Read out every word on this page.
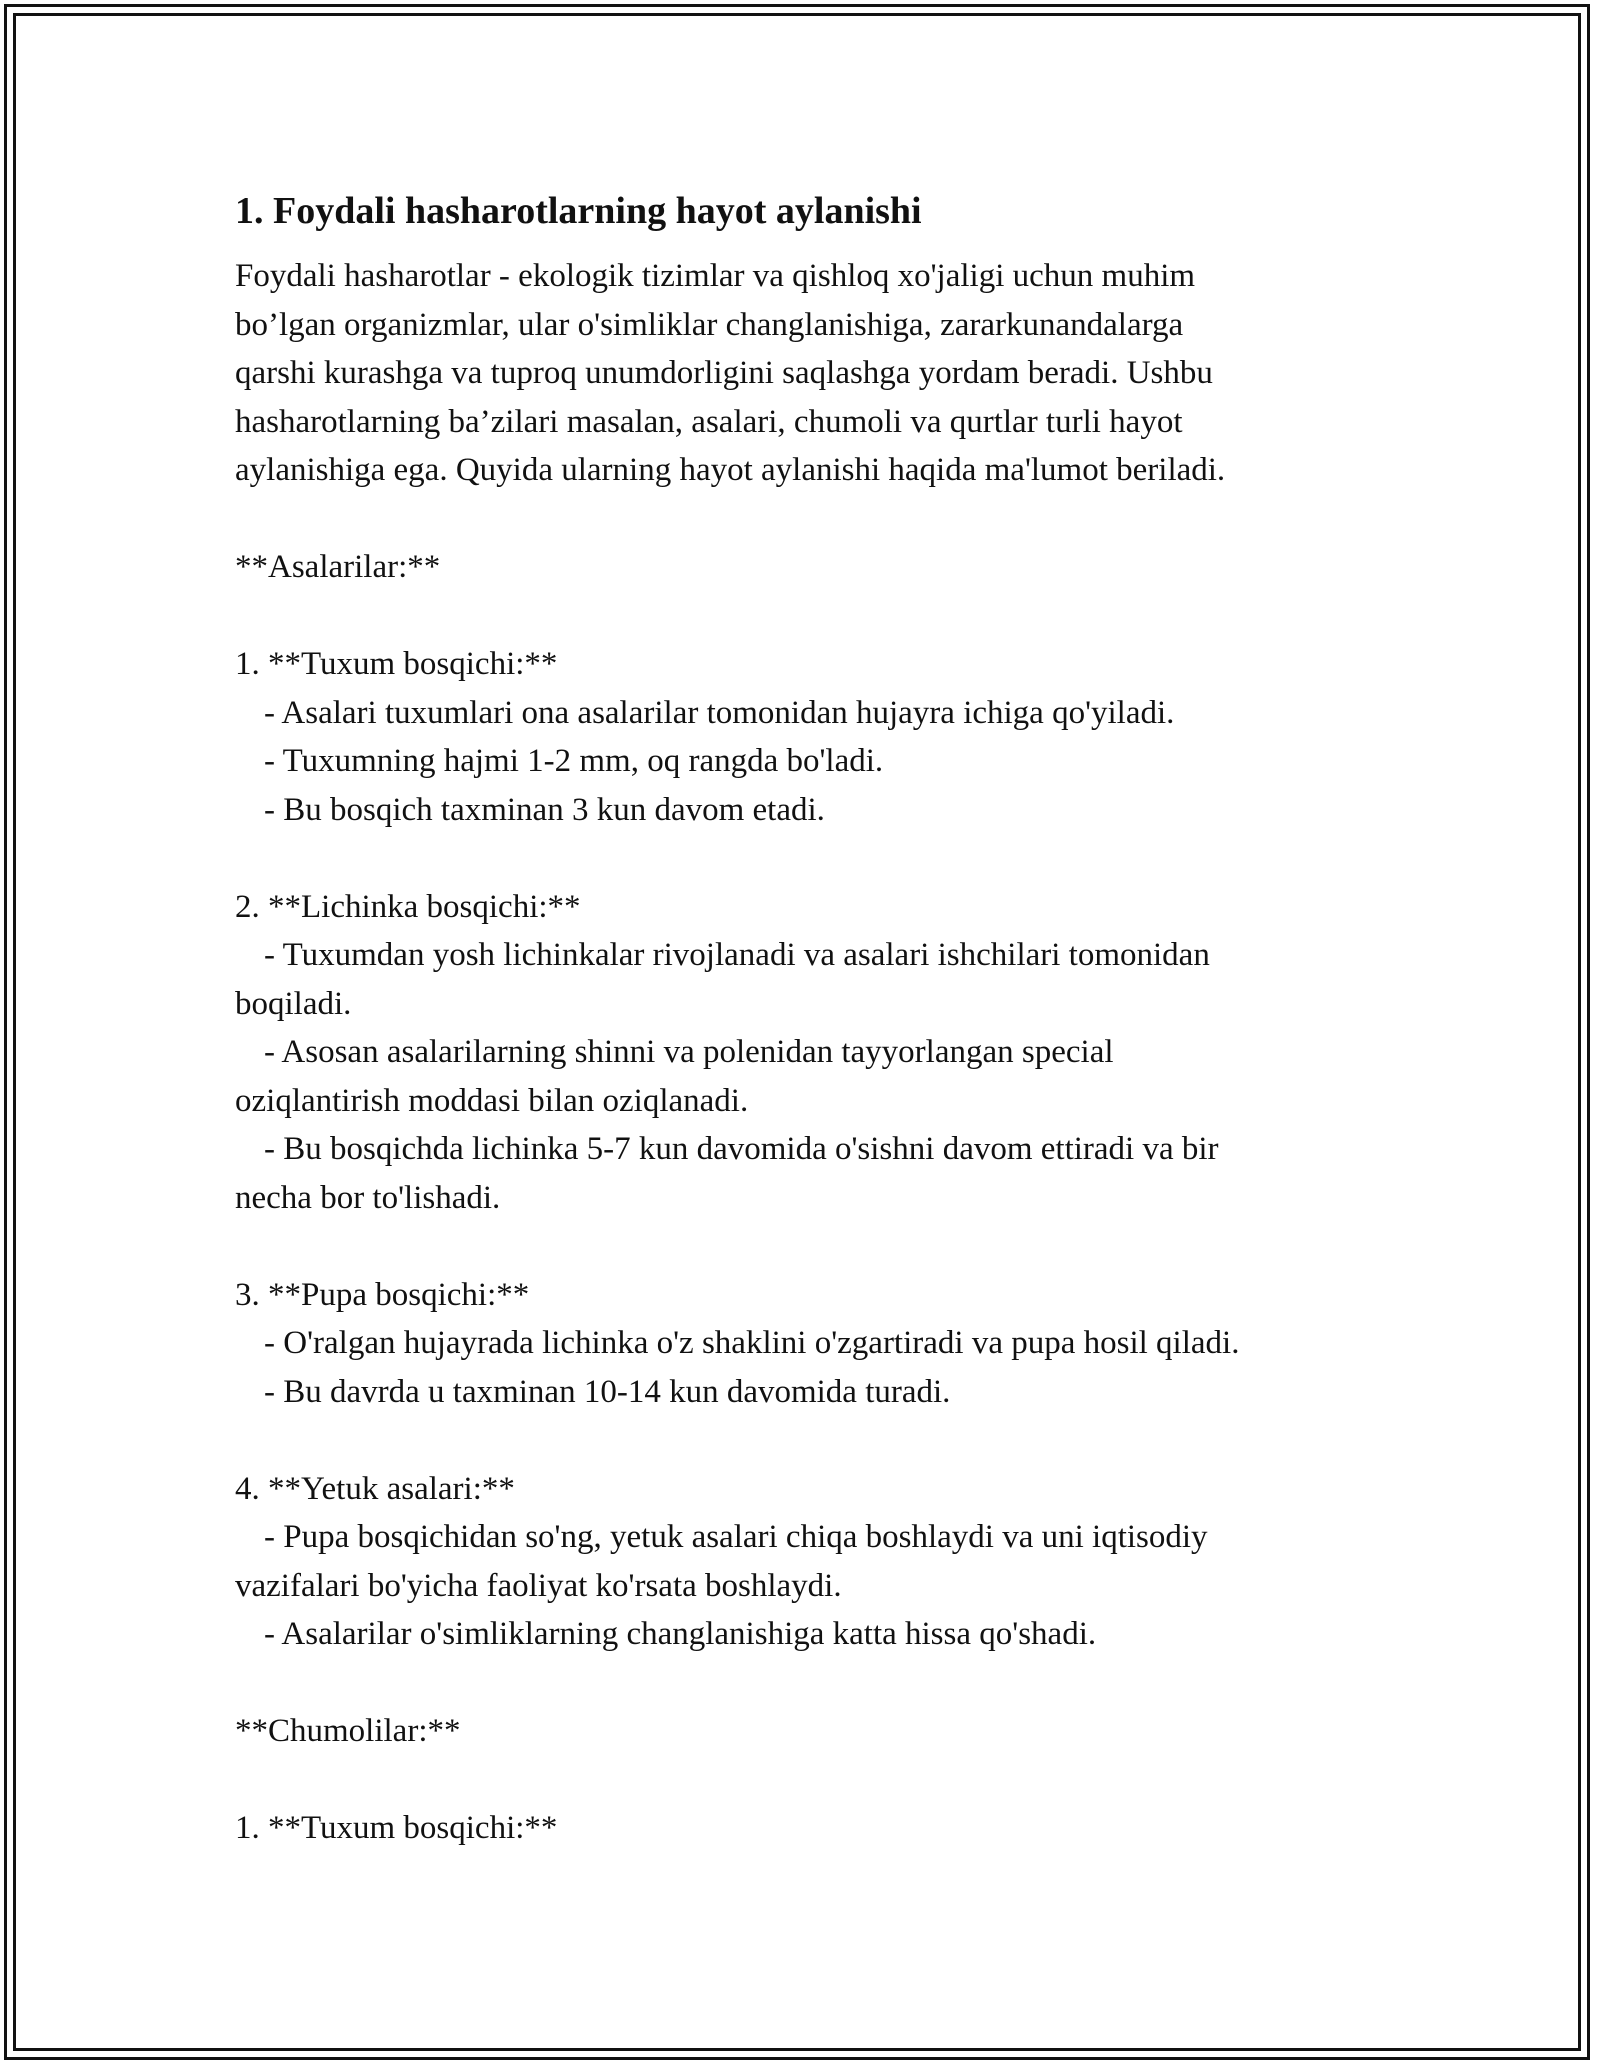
1. Foydali hasharotlarning hayot aylanishi

Foydali hasharotlar - ekologik tizimlar va qishloq xo'jaligi uchun muhim

bo’lgan organizmlar, ular o'simliklar changlanishiga, zararkunandalarga

qarshi kurashga va tuproq unumdorligini saqlashga yordam beradi. Ushbu

hasharotlarning ba’zilari masalan, asalari, chumoli va qurtlar turli hayot

aylanishiga ega. Quyida ularning hayot aylanishi haqida ma'lumot beriladi.

**Asalarilar:**

1. **Tuxum bosqichi:**

- Asalari tuxumlari ona asalarilar tomonidan hujayra ichiga qo'yiladi.

- Tuxumning hajmi 1-2 mm, oq rangda bo'ladi.

- Bu bosqich taxminan 3 kun davom etadi.

2. **Lichinka bosqichi:**

- Tuxumdan yosh lichinkalar rivojlanadi va asalari ishchilari tomonidan

boqiladi.

- Asosan asalarilarning shinni va polenidan tayyorlangan special

oziqlantirish moddasi bilan oziqlanadi.

- Bu bosqichda lichinka 5-7 kun davomida o'sishni davom ettiradi va bir

necha bor to'lishadi.

3. **Pupa bosqichi:**

- O'ralgan hujayrada lichinka o'z shaklini o'zgartiradi va pupa hosil qiladi.

- Bu davrda u taxminan 10-14 kun davomida turadi.

4. **Yetuk asalari:**

- Pupa bosqichidan so'ng, yetuk asalari chiqa boshlaydi va uni iqtisodiy

vazifalari bo'yicha faoliyat ko'rsata boshlaydi.

- Asalarilar o'simliklarning changlanishiga katta hissa qo'shadi.

**Chumolilar:**

1. **Tuxum bosqichi:**
